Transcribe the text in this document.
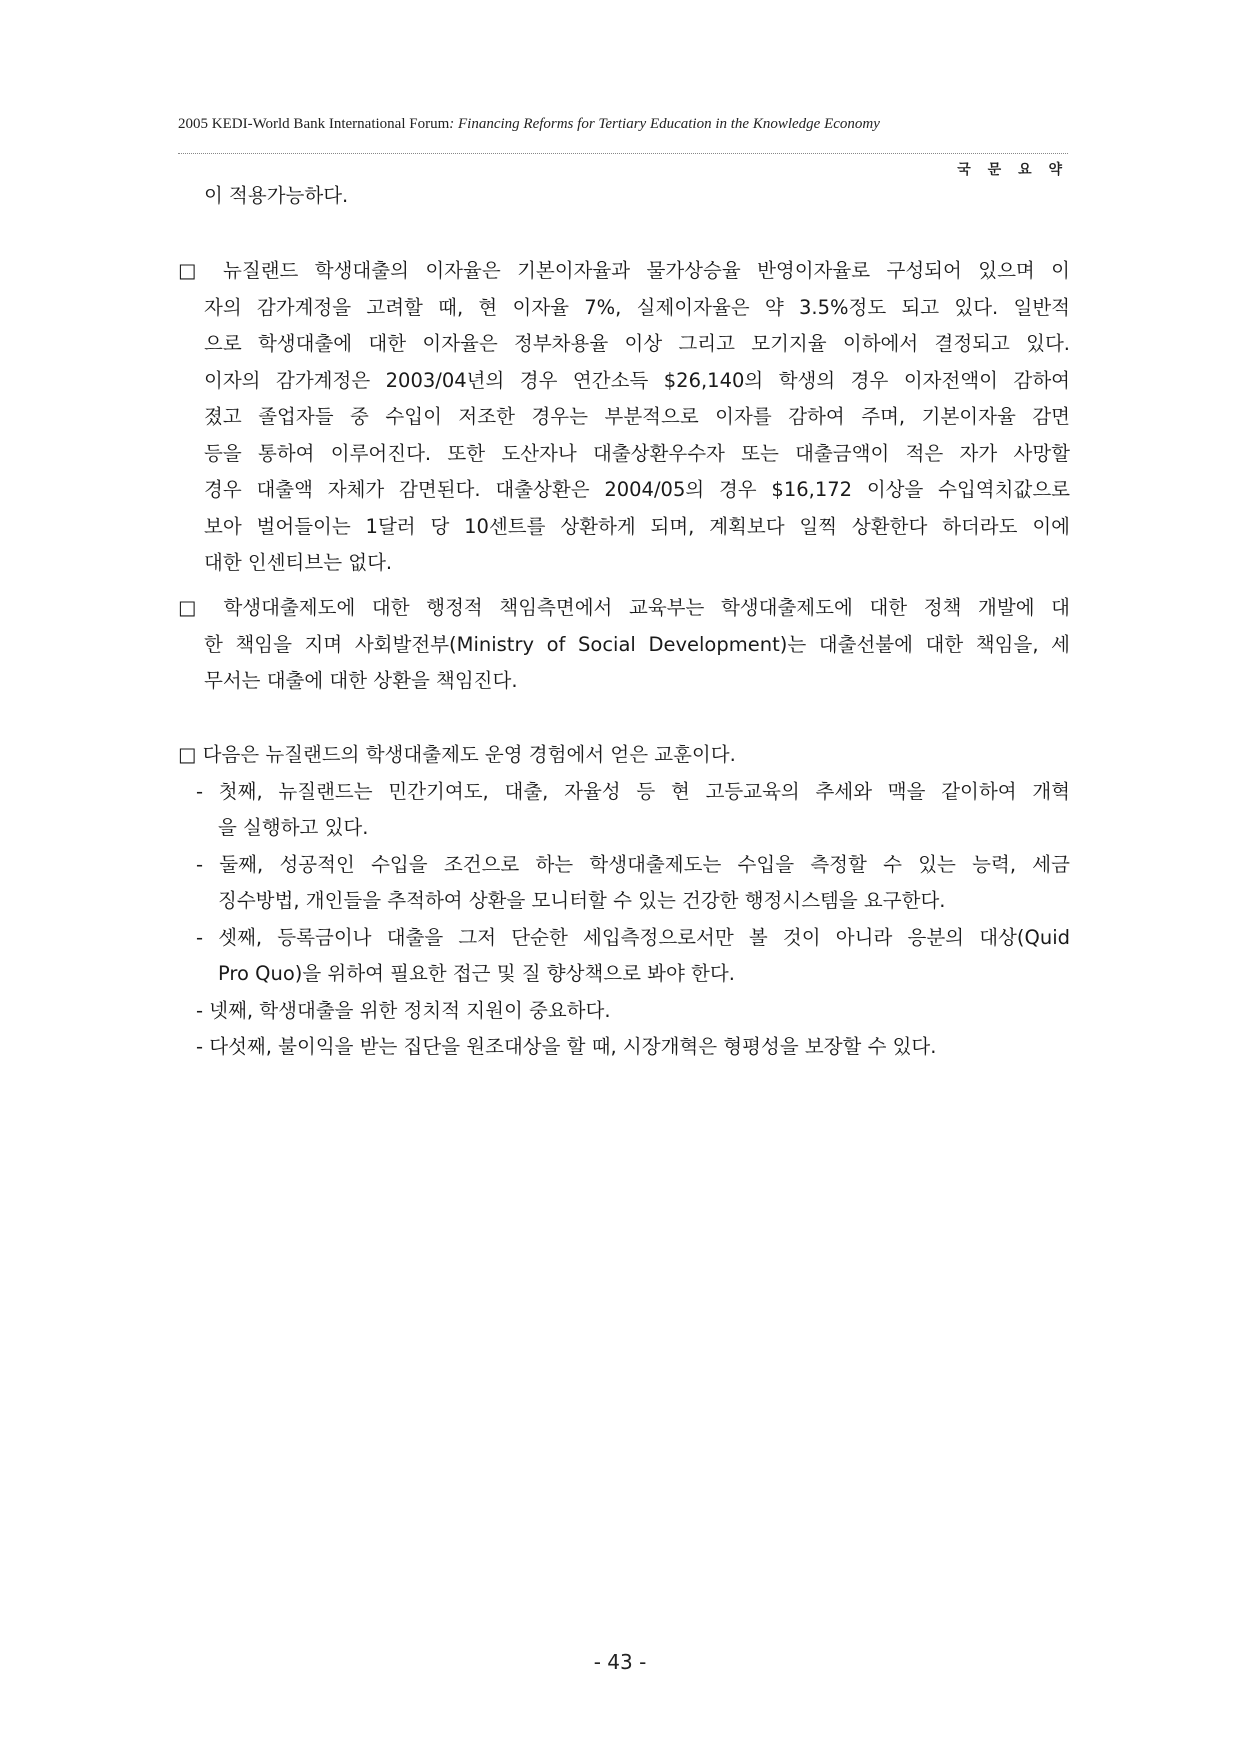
2005 KEDI-World Bank International Forum: Financing Reforms for Tertiary Education in the Knowledge Economy
국 문 요 약
이 적용가능하다.
□ 뉴질랜드 학생대출의 이자율은 기본이자율과 물가상승율 반영이자율로 구성되어 있으며 이
자의 감가계정을 고려할 때, 현 이자율 7%, 실제이자율은 약 3.5%정도 되고 있다. 일반적
으로 학생대출에 대한 이자율은 정부차용율 이상 그리고 모기지율 이하에서 결정되고 있다.
이자의 감가계정은 2003/04년의 경우 연간소득 $26,140의 학생의 경우 이자전액이 감하여
졌고 졸업자들 중 수입이 저조한 경우는 부분적으로 이자를 감하여 주며, 기본이자율 감면
등을 통하여 이루어진다. 또한 도산자나 대출상환우수자 또는 대출금액이 적은 자가 사망할
경우 대출액 자체가 감면된다. 대출상환은 2004/05의 경우 $16,172 이상을 수입역치값으로
보아 벌어들이는 1달러 당 10센트를 상환하게 되며, 계획보다 일찍 상환한다 하더라도 이에
대한 인센티브는 없다.
□ 학생대출제도에 대한 행정적 책임측면에서 교육부는 학생대출제도에 대한 정책 개발에 대
한 책임을 지며 사회발전부(Ministry of Social Development)는 대출선불에 대한 책임을, 세
무서는 대출에 대한 상환을 책임진다.
□ 다음은 뉴질랜드의 학생대출제도 운영 경험에서 얻은 교훈이다.
- 첫째, 뉴질랜드는 민간기여도, 대출, 자율성 등 현 고등교육의 추세와 맥을 같이하여 개혁
을 실행하고 있다.
- 둘째, 성공적인 수입을 조건으로 하는 학생대출제도는 수입을 측정할 수 있는 능력, 세금
징수방법, 개인들을 추적하여 상환을 모니터할 수 있는 건강한 행정시스템을 요구한다.
- 셋째, 등록금이나 대출을 그저 단순한 세입측정으로서만 볼 것이 아니라 응분의 대상(Quid
Pro Quo)을 위하여 필요한 접근 및 질 향상책으로 봐야 한다.
- 넷째, 학생대출을 위한 정치적 지원이 중요하다.
- 다섯째, 불이익을 받는 집단을 원조대상을 할 때, 시장개혁은 형평성을 보장할 수 있다.
- 43 -
